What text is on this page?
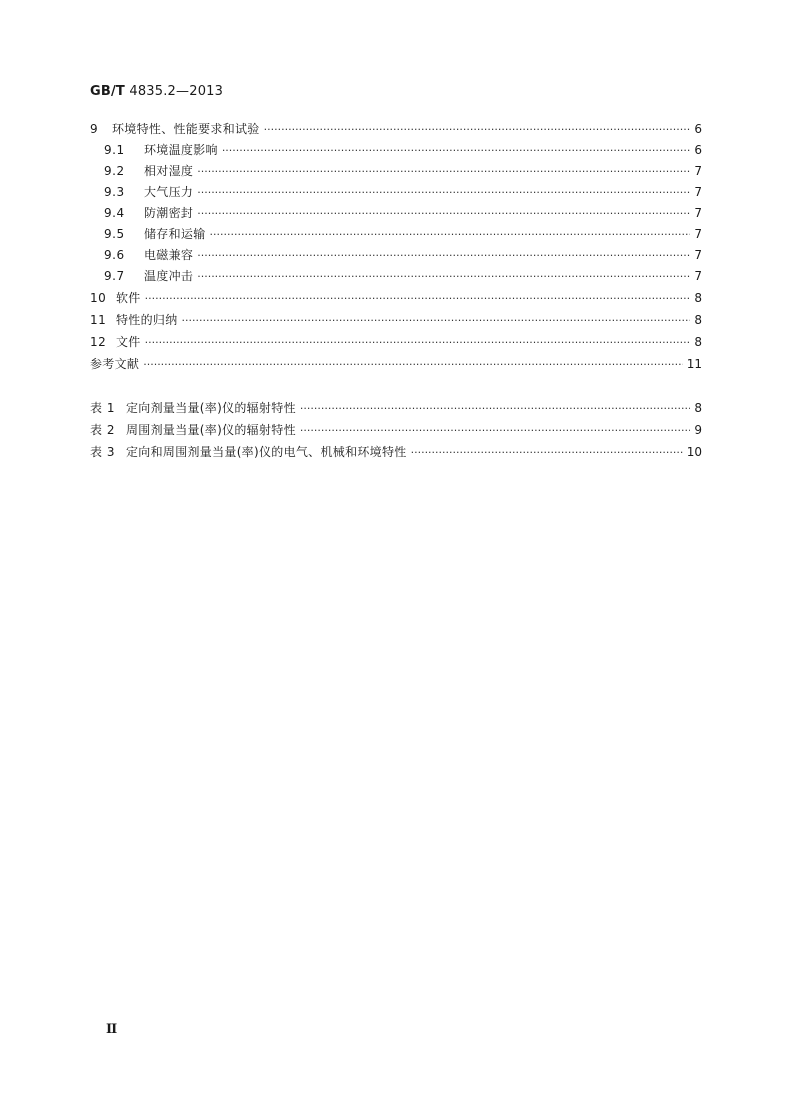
GB/T 4835.2—2013
9	环境特性、性能要求和试验 ·····	6
9.1	环境温度影响 ·····	6
9.2	相对湿度 ·····	7
9.3	大气压力 ·····	7
9.4	防潮密封 ·····	7
9.5	储存和运输 ·····	7
9.6	电磁兼容 ·····	7
9.7	温度冲击 ·····	7
10 软件 ·····	8
11 特性的归纳 ·····	8
12 文件 ·····	8
参考文献 ·····	11
表 1 定向剂量当量(率)仪的辐射特性 ·····	8
表 2 周围剂量当量(率)仪的辐射特性 ·····	9
表 3 定向和周围剂量当量(率)仪的电气、机械和环境特性 ·····	10
II
